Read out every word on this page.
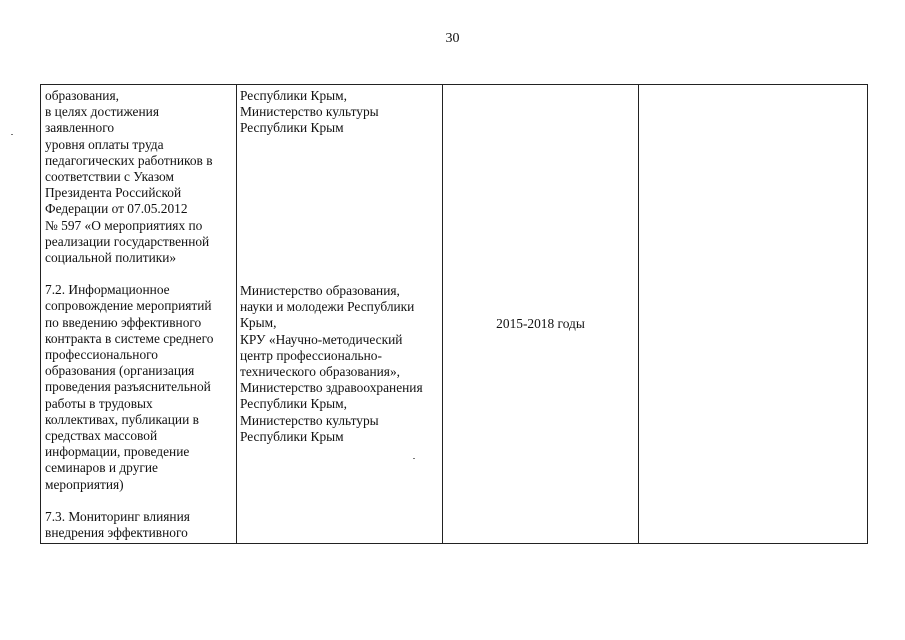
30
образования,
в целях достижения
заявленного
уровня оплаты труда
педагогических работников в
соответствии с Указом
Президента Российской
Федерации от 07.05.2012
№ 597 «О мероприятиях по
реализации государственной
социальной политики»
7.2. Информационное
сопровождение мероприятий
по введению эффективного
контракта в системе среднего
профессионального
образования (организация
проведения разъяснительной
работы в трудовых
коллективах, публикации в
средствах массовой
информации, проведение
семинаров и другие
мероприятия)
7.3. Мониторинг влияния
внедрения эффективного
Республики Крым,
Министерство культуры
Республики Крым
Министерство образования,
науки и молодежи Республики
Крым,
КРУ «Научно-методический
центр профессионально-
технического образования»,
Министерство здравоохранения
Республики Крым,
Министерство культуры
Республики Крым
2015-2018 годы
